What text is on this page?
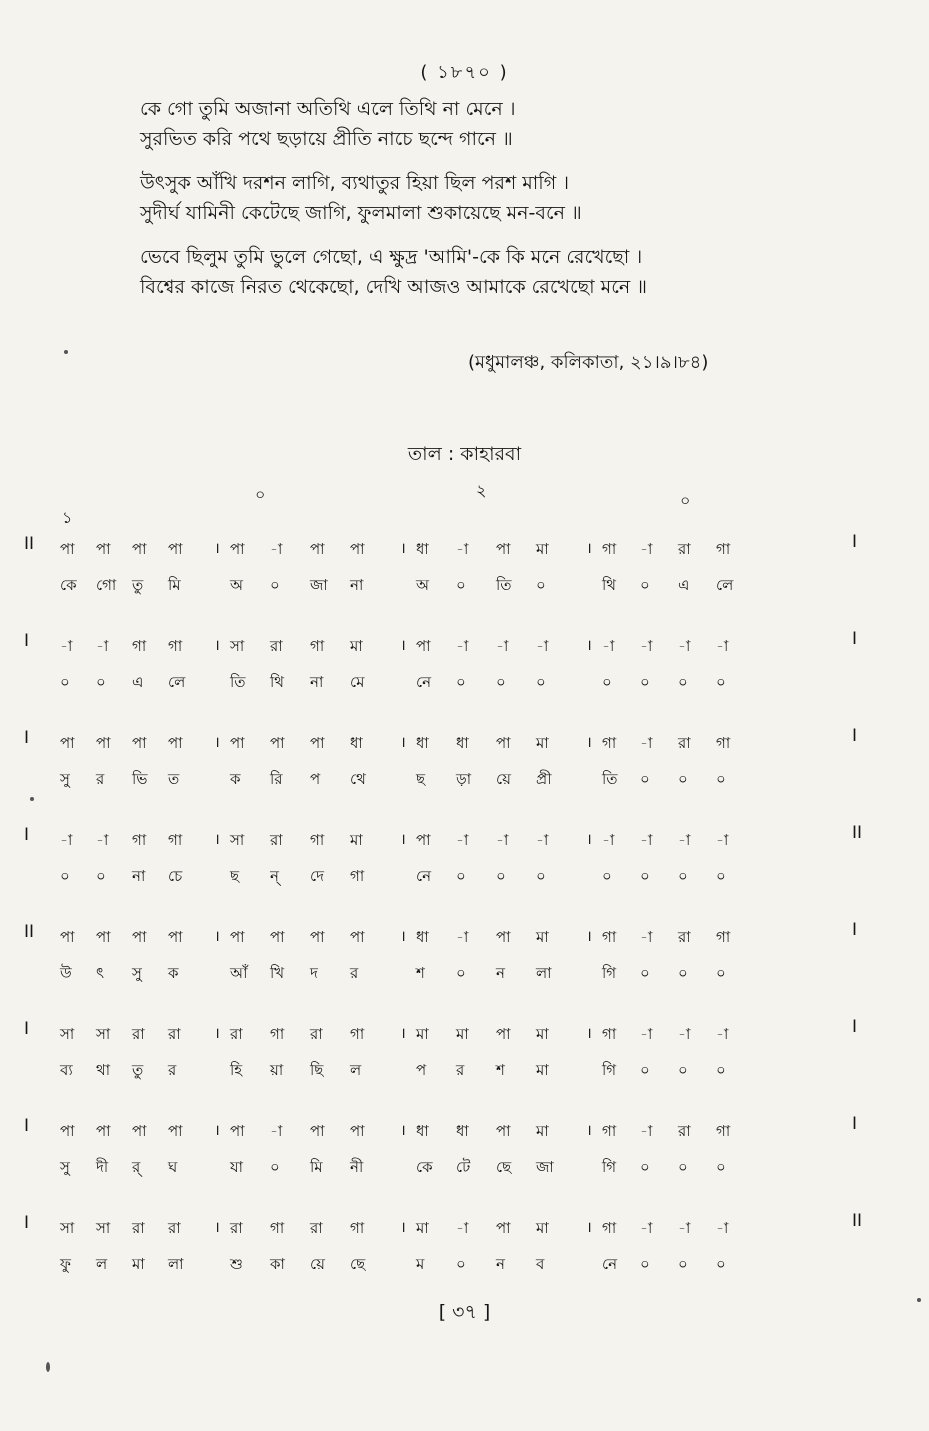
( ১৮৭০ )

কে গো তুমি অজানা অতিথি এলে তিথি না মেনে ।

সুরভিত করি পথে ছড়ায়ে প্রীতি নাচে ছন্দে গানে ॥

উৎসুক আঁখি দরশন লাগি, ব্যথাতুর হিয়া ছিল পরশ মাগি ।

সুদীর্ঘ যামিনী কেটেছে জাগি, ফুলমালা শুকায়েছে মন-বনে ॥

ভেবে ছিলুম তুমি ভুলে গেছো, এ ক্ষুদ্র 'আমি'-কে কি মনে রেখেছো ।

বিশ্বের কাজে নিরত থেকেছো, দেখি আজও আমাকে রেখেছো মনে ॥

(মধুমালঞ্চ, কলিকাতা, ২১।৯।৮৪)
তাল : কাহারবা
১
০	২
০
II	I
পা	পা	পা	পা	। পা	-া	পা	পা	। ধা	-া	পা	মা	। গা	-া	রা	গা
কে	গো	তু	মি	অ	০	জা	না	অ	০	তি	০	থি	০	এ	লে
I	I
-া	-া	গা	গা	। সা	রা	গা	মা	। পা	-া	-া	-া	। -া	-া	-া	-া
০	০	এ	লে	তি	থি	না	মে	নে	০	০	০	০	০	০	০
I	I
পা	পা	পা	পা	। পা	পা	পা	ধা	। ধা	ধা	পা	মা	। গা	-া	রা	গা
সু	র	ভি	ত	ক	রি	প	থে	ছ	ড়া	য়ে	প্রী	তি	০	০	০
I	II
-া	-া	গা	গা	। সা	রা	গা	মা	। পা	-া	-া	-া	। -া	-া	-া	-া
০	০	না	চে	ছ	ন্	দে	গা	নে	০	০	০	০	০	০	০
II	I
পা	পা	পা	পা	। পা	পা	পা	পা	। ধা	-া	পা	মা	। গা	-া	রা	গা
উ	ৎ	সু	ক	আঁ	খি	দ	র	শ	০	ন	লা	গি	০	০	০
I	I
সা	সা	রা	রা	। রা	গা	রা	গা	। মা	মা	পা	মা	। গা	-া	-া	-া
ব্য	থা	তু	র	হি	য়া	ছি	ল	প	র	শ	মা	গি	০	০	০
I	I
পা	পা	পা	পা	। পা	-া	পা	পা	। ধা	ধা	পা	মা	। গা	-া	রা	গা
সু	দী	র্	ঘ	যা	০	মি	নী	কে	টে	ছে	জা	গি	০	০	০
I	II
সা	সা	রা	রা	। রা	গা	রা	গা	। মা	-া	পা	মা	। গা	-া	-া	-া
ফু	ল	মা	লা	শু	কা	য়ে	ছে	ম	০	ন	ব	নে	০	০	০
[ ৩৭ ]
